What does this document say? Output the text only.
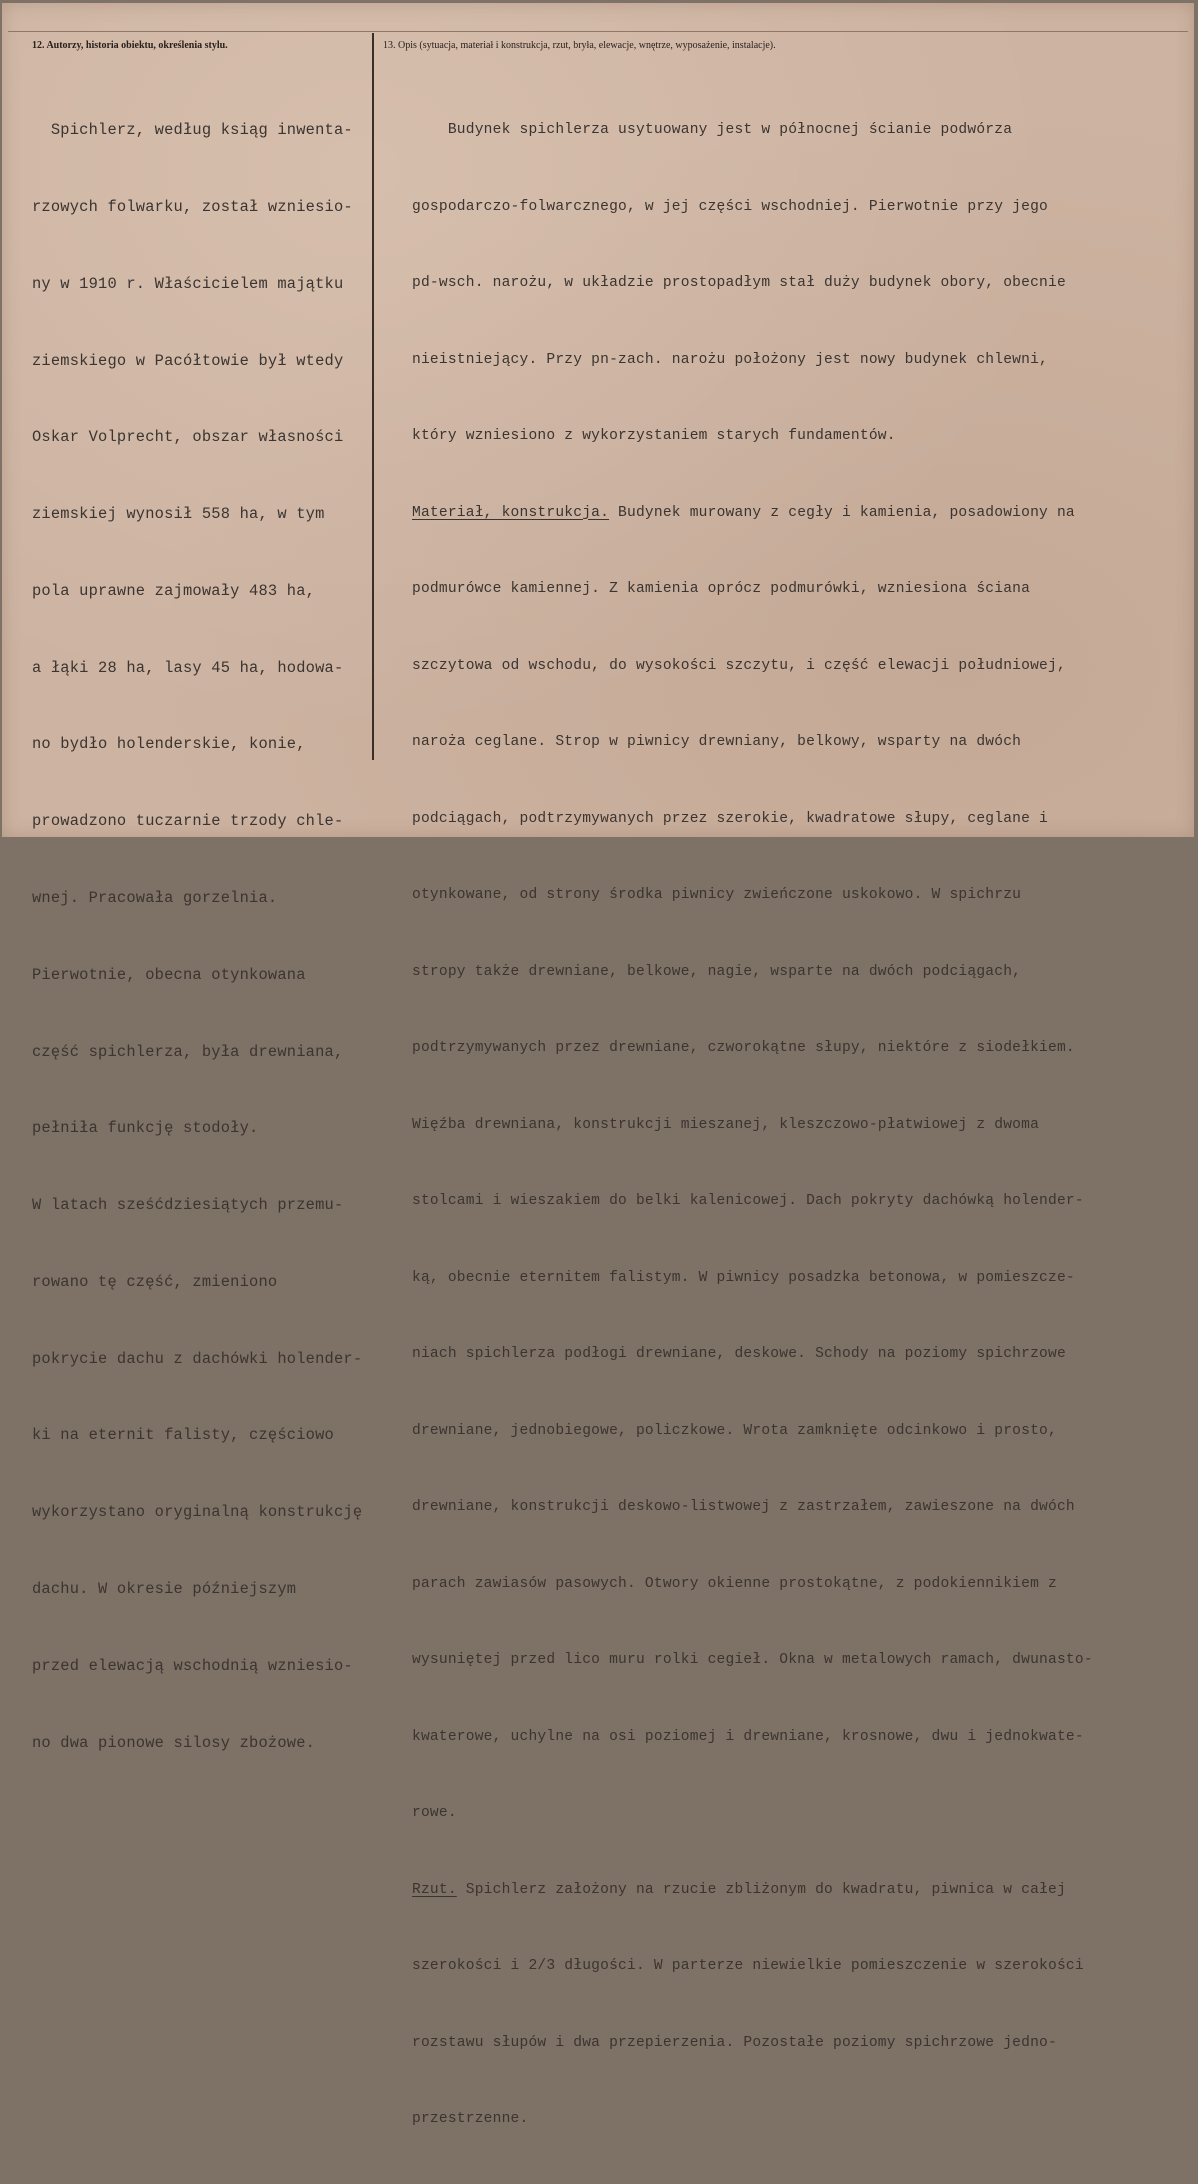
12. Autorzy, historia obiektu, określenia stylu.	13. Opis (sytuacja, materiał i konstrukcja, rzut, bryła, elewacje, wnętrze, wyposażenie, instalacje).

Spichlerz, według ksiąg inwenta-

rzowych folwarku, został wzniesio-

ny w 1910 r. Właścicielem majątku

ziemskiego w Pacółtowie był wtedy

Oskar Volprecht, obszar własności

ziemskiej wynosił 558 ha, w tym

pola uprawne zajmowały 483 ha,

a łąki 28 ha, lasy 45 ha, hodowa-

no bydło holenderskie, konie,

prowadzono tuczarnie trzody chle-

wnej. Pracowała gorzelnia.

Pierwotnie, obecna otynkowana

część spichlerza, była drewniana,

pełniła funkcję stodoły.

W latach sześćdziesiątych przemu-

rowano tę część, zmieniono

pokrycie dachu z dachówki holender-

ki na eternit falisty, częściowo

wykorzystano oryginalną konstrukcję

dachu. W okresie późniejszym

przed elewacją wschodnią wzniesio-

no dwa pionowe silosy zbożowe.

Budynek spichlerza usytuowany jest w północnej ścianie podwórza

gospodarczo-folwarcznego, w jej części wschodniej. Pierwotnie przy jego

pd-wsch. narożu, w układzie prostopadłym stał duży budynek obory, obecnie

nieistniejący. Przy pn-zach. narożu położony jest nowy budynek chlewni,

który wzniesiono z wykorzystaniem starych fundamentów.

Materiał, konstrukcja. Budynek murowany z cegły i kamienia, posadowiony na

podmurówce kamiennej. Z kamienia oprócz podmurówki, wzniesiona ściana

szczytowa od wschodu, do wysokości szczytu, i część elewacji południowej,

naroża ceglane. Strop w piwnicy drewniany, belkowy, wsparty na dwóch

podciągach, podtrzymywanych przez szerokie, kwadratowe słupy, ceglane i

otynkowane, od strony środka piwnicy zwieńczone uskokowo. W spichrzu

stropy także drewniane, belkowe, nagie, wsparte na dwóch podciągach,

podtrzymywanych przez drewniane, czworokątne słupy, niektóre z siodełkiem.

Więźba drewniana, konstrukcji mieszanej, kleszczowo-płatwiowej z dwoma

stolcami i wieszakiem do belki kalenicowej. Dach pokryty dachówką holender-

ką, obecnie eternitem falistym. W piwnicy posadzka betonowa, w pomieszcze-

niach spichlerza podłogi drewniane, deskowe. Schody na poziomy spichrzowe

drewniane, jednobiegowe, policzkowe. Wrota zamknięte odcinkowo i prosto,

drewniane, konstrukcji deskowo-listwowej z zastrzałem, zawieszone na dwóch

parach zawiasów pasowych. Otwory okienne prostokątne, z podokiennikiem z

wysuniętej przed lico muru rolki cegieł. Okna w metalowych ramach, dwunasto-

kwaterowe, uchylne na osi poziomej i drewniane, krosnowe, dwu i jednokwate-

rowe.

Rzut. Spichlerz założony na rzucie zbliżonym do kwadratu, piwnica w całej

szerokości i 2/3 długości. W parterze niewielkie pomieszczenie w szerokości

rozstawu słupów i dwa przepierzenia. Pozostałe poziomy spichrzowe jedno-

przestrzenne.
